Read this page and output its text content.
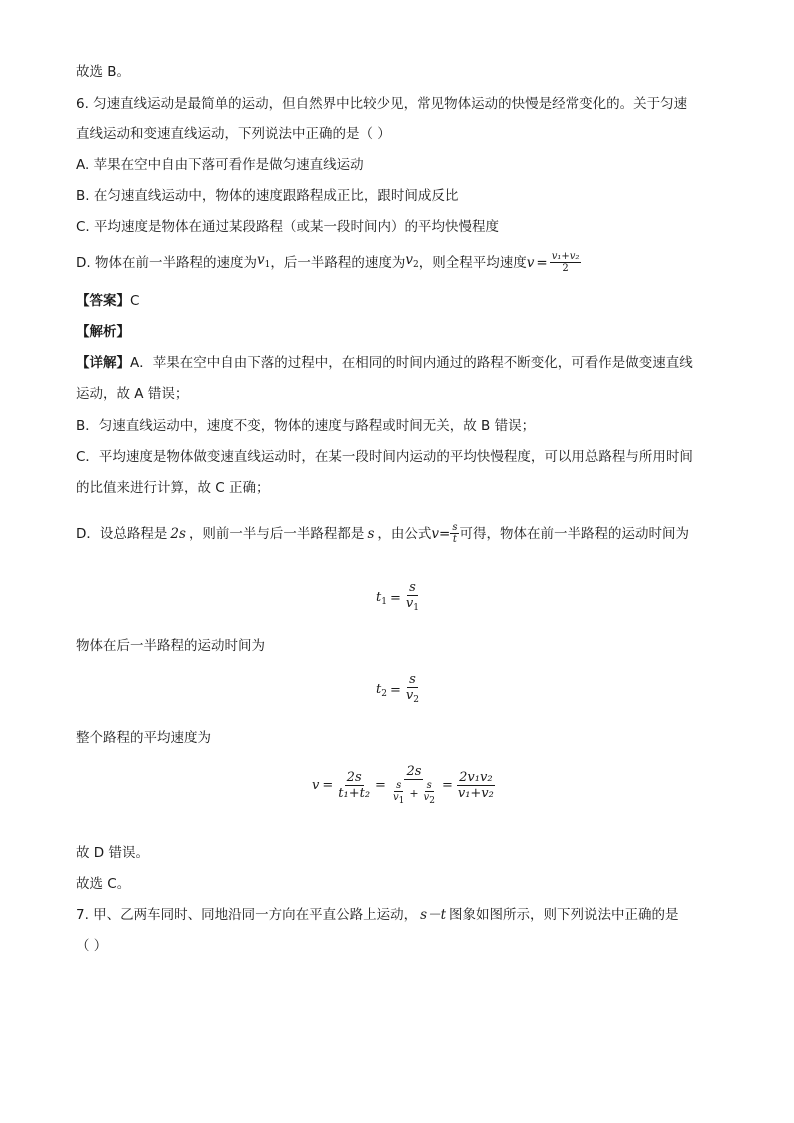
故选 B。
6. 匀速直线运动是最简单的运动，但自然界中比较少见，常见物体运动的快慢是经常变化的。关于匀速
直线运动和变速直线运动，下列说法中正确的是（ ）
A. 苹果在空中自由下落可看作是做匀速直线运动
B. 在匀速直线运动中，物体的速度跟路程成正比，跟时间成反比
C. 平均速度是物体在通过某段路程（或某一段时间内）的平均快慢程度
D. 物体在前一半路程的速度为 $v_1$ ，后一半路程的速度为 $v_2$ ，则全程平均速度 $v = \frac{\text{v₁+v₂}}{2}$
【答案】C
【解析】
【详解】A．苹果在空中自由下落的过程中，在相同的时间内通过的路程不断变化，可看作是做变速直线
运动，故 A 错误；
B．匀速直线运动中，速度不变，物体的速度与路程或时间无关，故 B 错误；
C．平均速度是物体做变速直线运动时，在某一段时间内运动的平均快慢程度，可以用总路程与所用时间
的比值来进行计算，故 C 正确；
D．设总路程是 2s ，则前一半与后一半路程都是 s ，由公式 $v = \frac{s}{t}$ 可得，物体在前一半路程的运动时间为
$t_1 = \frac{s}{v_1}$
物体在后一半路程的运动时间为
$t_2 = \frac{s}{v_2}$
整个路程的平均速度为
$v = \frac{2s}{\text{t₁+t₂}}$ =
2s
$\frac{s}{v1} + \frac{s}{v2} = \frac{\text{2v₁v₂}}{\text{v₁+v₂}}$
故 D 错误。
故选 C。
7. 甲、乙两车同时、同地沿同一方向在平直公路上运动， s－t 图象如图所示，则下列说法中正确的是
（ ）
